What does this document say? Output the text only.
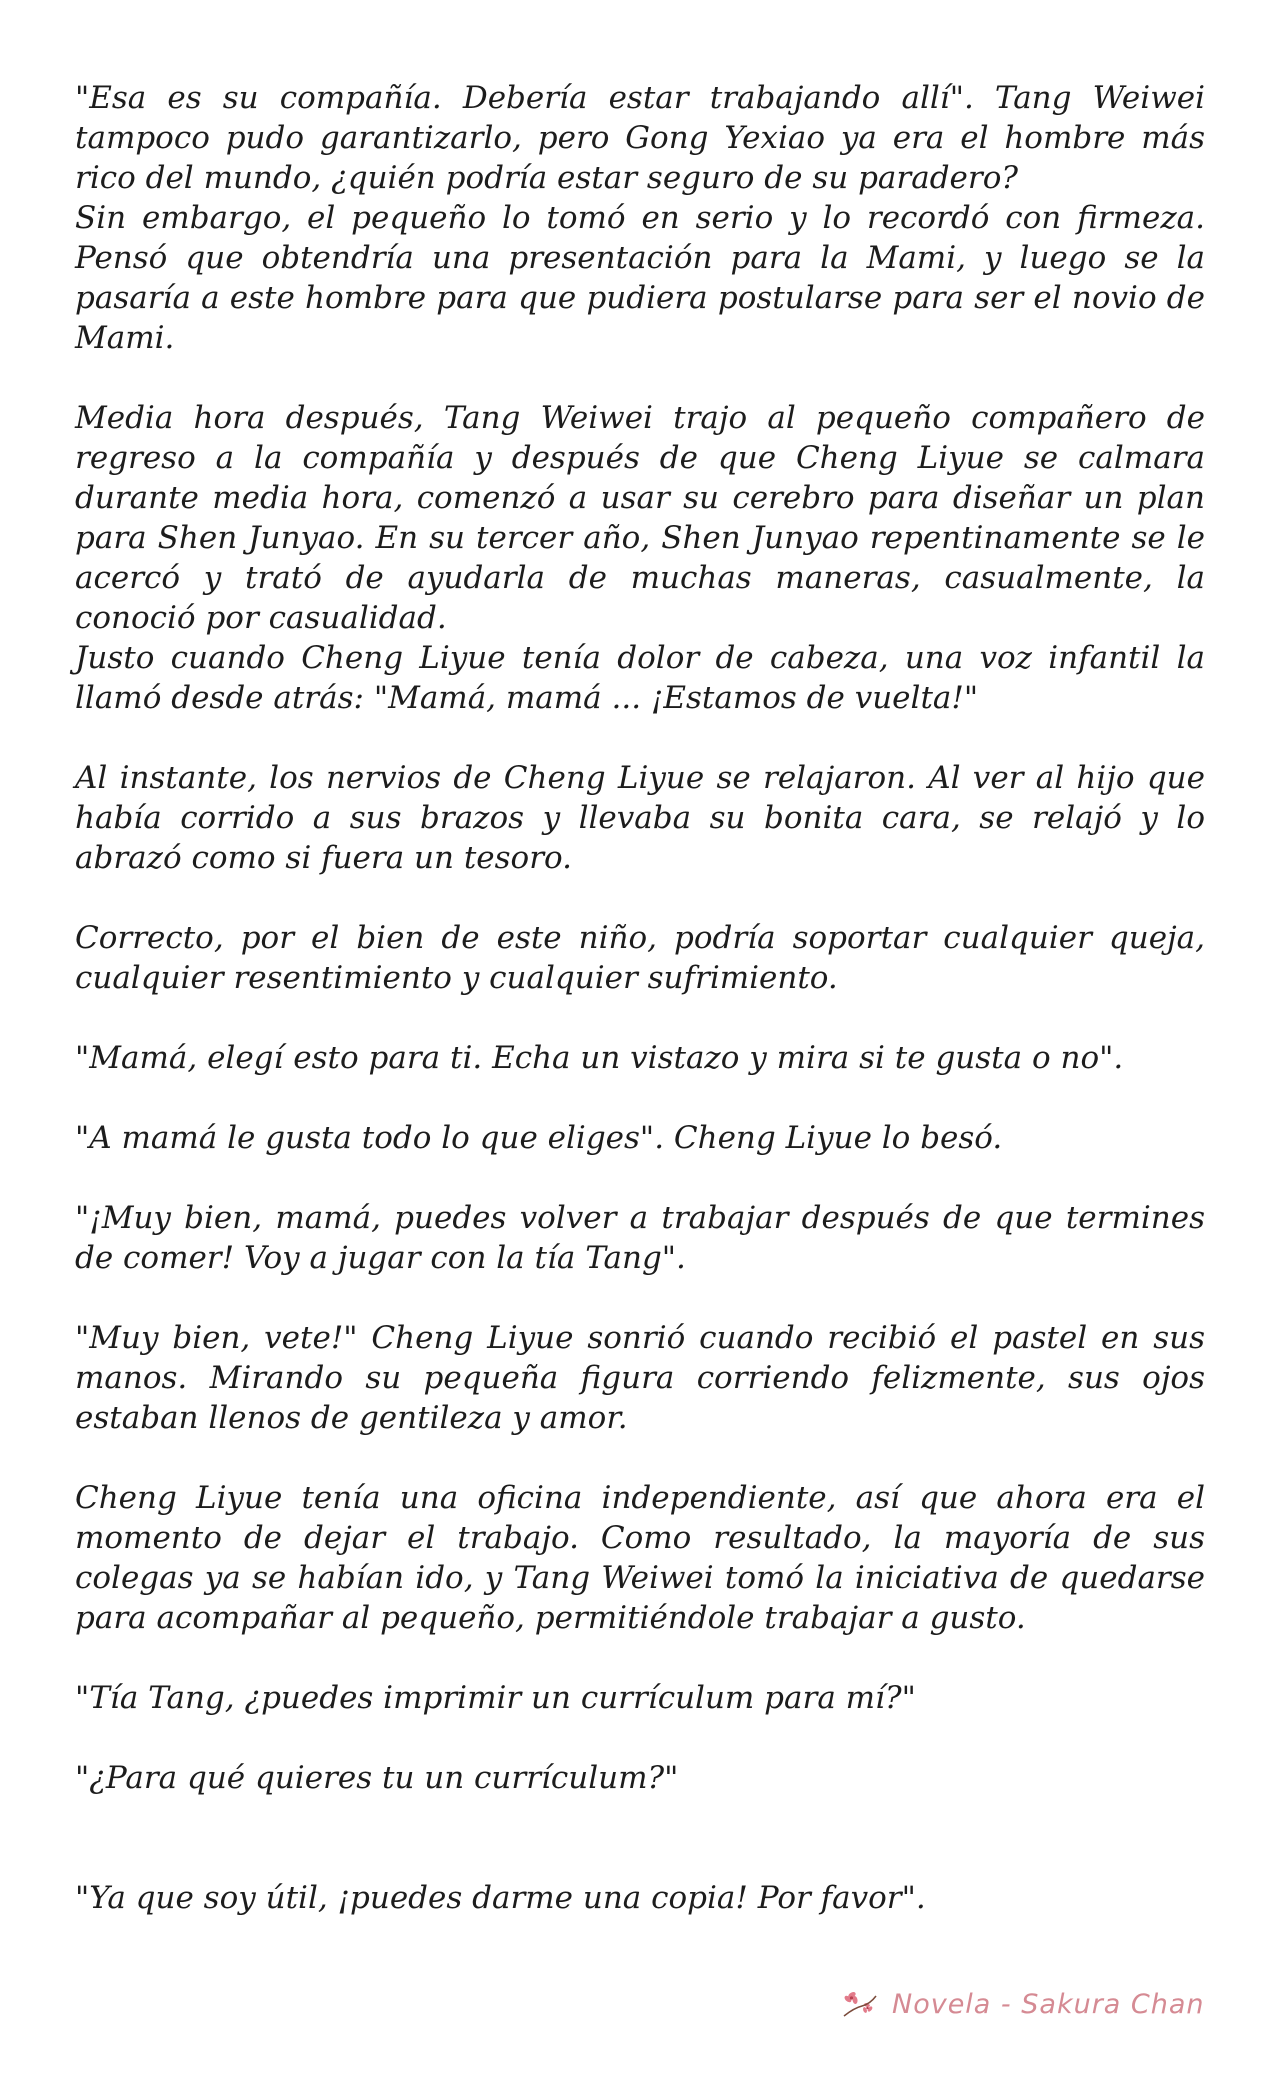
"Esa es su compañía. Debería estar trabajando allí". Tang Weiwei tampoco pudo garantizarlo, pero Gong Yexiao ya era el hombre más rico del mundo, ¿quién podría estar seguro de su paradero?

Sin embargo, el pequeño lo tomó en serio y lo recordó con firmeza. Pensó que obtendría una presentación para la Mami, y luego se la pasaría a este hombre para que pudiera postularse para ser el novio de Mami.

Media hora después, Tang Weiwei trajo al pequeño compañero de regreso a la compañía y después de que Cheng Liyue se calmara durante media hora, comenzó a usar su cerebro para diseñar un plan para Shen Junyao. En su tercer año, Shen Junyao repentinamente se le acercó y trató de ayudarla de muchas maneras, casualmente, la conoció por casualidad.

Justo cuando Cheng Liyue tenía dolor de cabeza, una voz infantil la llamó desde atrás: "Mamá, mamá ... ¡Estamos de vuelta!"

Al instante, los nervios de Cheng Liyue se relajaron. Al ver al hijo que había corrido a sus brazos y llevaba su bonita cara, se relajó y lo abrazó como si fuera un tesoro.

Correcto, por el bien de este niño, podría soportar cualquier queja, cualquier resentimiento y cualquier sufrimiento.

"Mamá, elegí esto para ti. Echa un vistazo y mira si te gusta o no".

"A mamá le gusta todo lo que eliges". Cheng Liyue lo besó.

"¡Muy bien, mamá, puedes volver a trabajar después de que termines de comer! Voy a jugar con la tía Tang".

"Muy bien, vete!" Cheng Liyue sonrió cuando recibió el pastel en sus manos. Mirando su pequeña figura corriendo felizmente, sus ojos estaban llenos de gentileza y amor.

Cheng Liyue tenía una oficina independiente, así que ahora era el momento de dejar el trabajo. Como resultado, la mayoría de sus colegas ya se habían ido, y Tang Weiwei tomó la iniciativa de quedarse para acompañar al pequeño, permitiéndole trabajar a gusto.

"Tía Tang, ¿puedes imprimir un currículum para mí?"

"¿Para qué quieres tu un currículum?"

"Ya que soy útil, ¡puedes darme una copia! Por favor".

Novela - Sakura Chan
